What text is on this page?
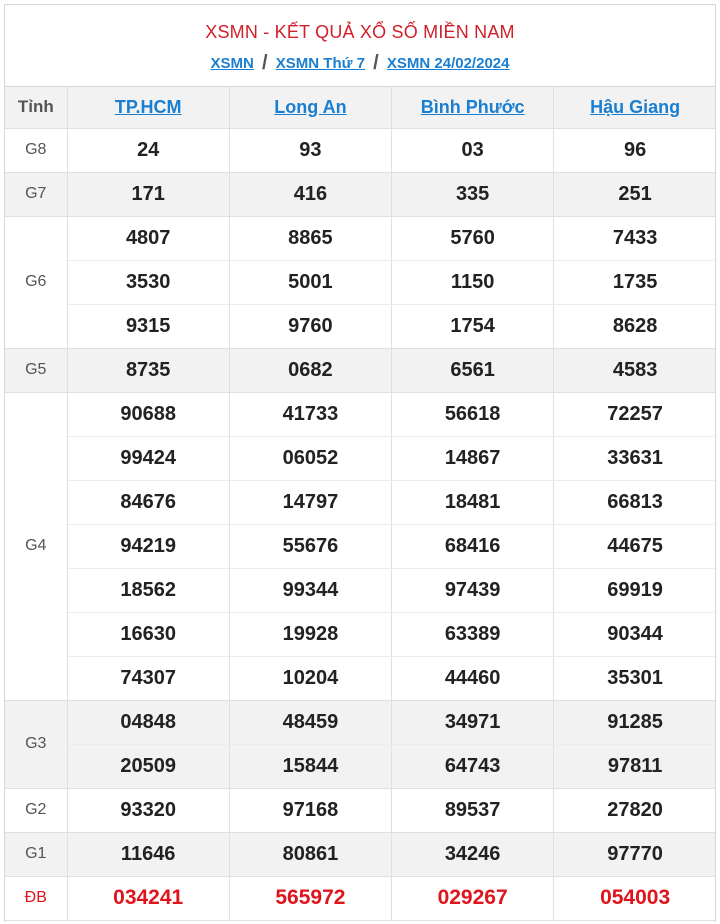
XSMN - KẾT QUẢ XỔ SỐ MIỀN NAM
XSMN / XSMN Thứ 7 / XSMN 24/02/2024
Tỉnh	TP.HCM	Long An	Bình Phước	Hậu Giang
G8	24	93	03	96
G7	171	416	335	251
G6	4807	8865	5760	7433
	3530	5001	1150	1735
	9315	9760	1754	8628
G5	8735	0682	6561	4583
G4	90688	41733	56618	72257
	99424	06052	14867	33631
	84676	14797	18481	66813
	94219	55676	68416	44675
	18562	99344	97439	69919
	16630	19928	63389	90344
	74307	10204	44460	35301
G3	04848	48459	34971	91285
	20509	15844	64743	97811
G2	93320	97168	89537	27820
G1	11646	80861	34246	97770
ĐB	034241	565972	029267	054003
